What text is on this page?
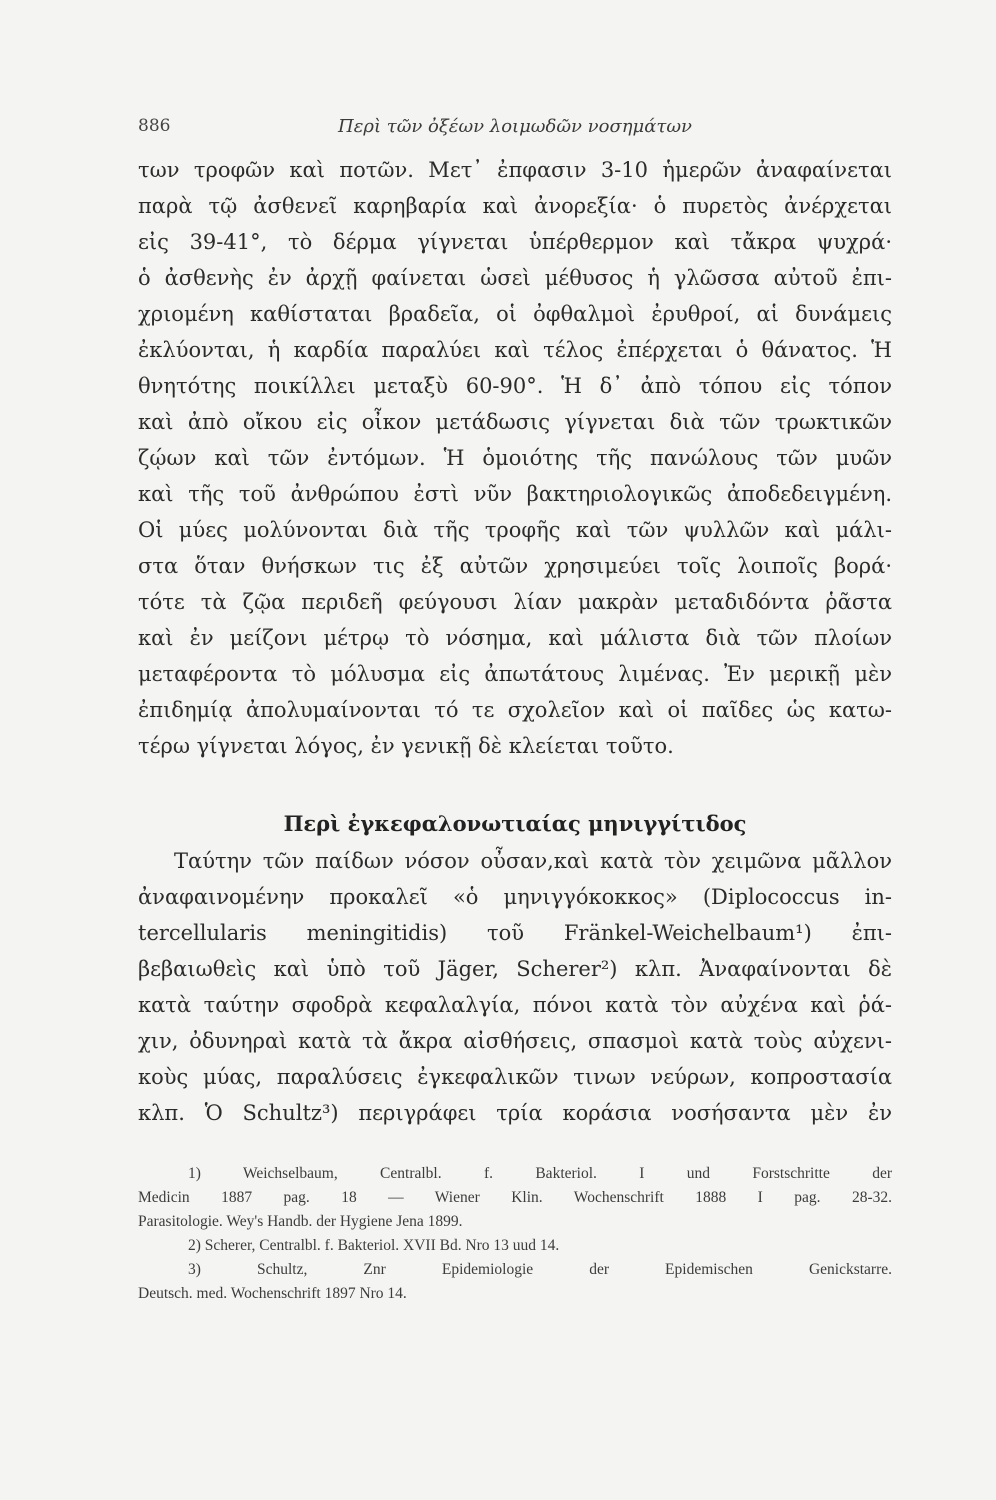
886	Περὶ τῶν ὀξέων λοιμωδῶν νοσημάτων
των τροφῶν καὶ ποτῶν. Μετ᾽ ἐπφασιν 3-10 ἡμερῶν ἀναφαίνεται
παρὰ τῷ ἀσθενεῖ καρηβαρία καὶ ἀνορεξία· ὁ πυρετὸς ἀνέρχεται
εἰς 39-41°, τὸ δέρμα γίγνεται ὑπέρθερμον καὶ τἄκρα ψυχρά·
ὁ ἀσθενὴς ἐν ἀρχῇ φαίνεται ὡσεὶ μέθυσος ἡ γλῶσσα αὐτοῦ ἐπι-
χριομένη καθίσταται βραδεῖα, οἱ ὀφθαλμοὶ ἐρυθροί, αἱ δυνάμεις
ἐκλύονται, ἡ καρδία παραλύει καὶ τέλος ἐπέρχεται ὁ θάνατος. Ἡ
θνητότης ποικίλλει μεταξὺ 60-90°. Ἡ δ᾽ ἀπὸ τόπου εἰς τόπον
καὶ ἀπὸ οἴκου εἰς οἶκον μετάδωσις γίγνεται διὰ τῶν τρωκτικῶν
ζῴων καὶ τῶν ἐντόμων. Ἡ ὁμοιότης τῆς πανώλους τῶν μυῶν
καὶ τῆς τοῦ ἀνθρώπου ἐστὶ νῦν βακτηριολογικῶς ἀποδεδειγμένη.
Οἱ μύες μολύνονται διὰ τῆς τροφῆς καὶ τῶν ψυλλῶν καὶ μάλι-
στα ὅταν θνήσκων τις ἐξ αὐτῶν χρησιμεύει τοῖς λοιποῖς βορά·
τότε τὰ ζῷα περιδεῆ φεύγουσι λίαν μακρὰν μεταδιδόντα ῥᾶστα
καὶ ἐν μείζονι μέτρῳ τὸ νόσημα, καὶ μάλιστα διὰ τῶν πλοίων
μεταφέροντα τὸ μόλυσμα εἰς ἀπωτάτους λιμένας. Ἐν μερικῇ μὲν
ἐπιδημίᾳ ἀπολυμαίνονται τό τε σχολεῖον καὶ οἱ παῖδες ὡς κατω-
τέρω γίγνεται λόγος, ἐν γενικῇ δὲ κλείεται τοῦτο.
Περὶ ἐγκεφαλονωτιαίας μηνιγγίτιδος
Ταύτην τῶν παίδων νόσον οὖσαν,καὶ κατὰ τὸν χειμῶνα μᾶλλον
ἀναφαινομένην προκαλεῖ «ὁ μηνιγγόκοκκος» (Diplococcus in-
tercellularis meningitidis) τοῦ Fränkel-Weichelbaum¹) ἐπι-
βεβαιωθεὶς καὶ ὑπὸ τοῦ Jäger, Scherer²) κλπ. Ἀναφαίνονται δὲ
κατὰ ταύτην σφοδρὰ κεφαλαλγία, πόνοι κατὰ τὸν αὐχένα καὶ ῥά-
χιν, ὀδυνηραὶ κατὰ τὰ ἄκρα αἰσθήσεις, σπασμοὶ κατὰ τοὺς αὐχενι-
κοὺς μύας, παραλύσεις ἐγκεφαλικῶν τινων νεύρων, κοπροστασία
κλπ. Ὁ Schultz³) περιγράφει τρία κοράσια νοσήσαντα μὲν ἐν
1) Weichselbaum, Centralbl. f. Bakteriol. I und Forstschritte der
Medicin 1887 pag. 18 — Wiener Klin. Wochenschrift 1888 I pag. 28-32.
Parasitologie. Wey's Handb. der Hygiene Jena 1899.
2) Scherer, Centralbl. f. Bakteriol. XVII Bd. Nro 13 uud 14.
3) Schultz, Znr Epidemiologie der Epidemischen Genickstarre.
Deutsch. med. Wochenschrift 1897 Nro 14.
